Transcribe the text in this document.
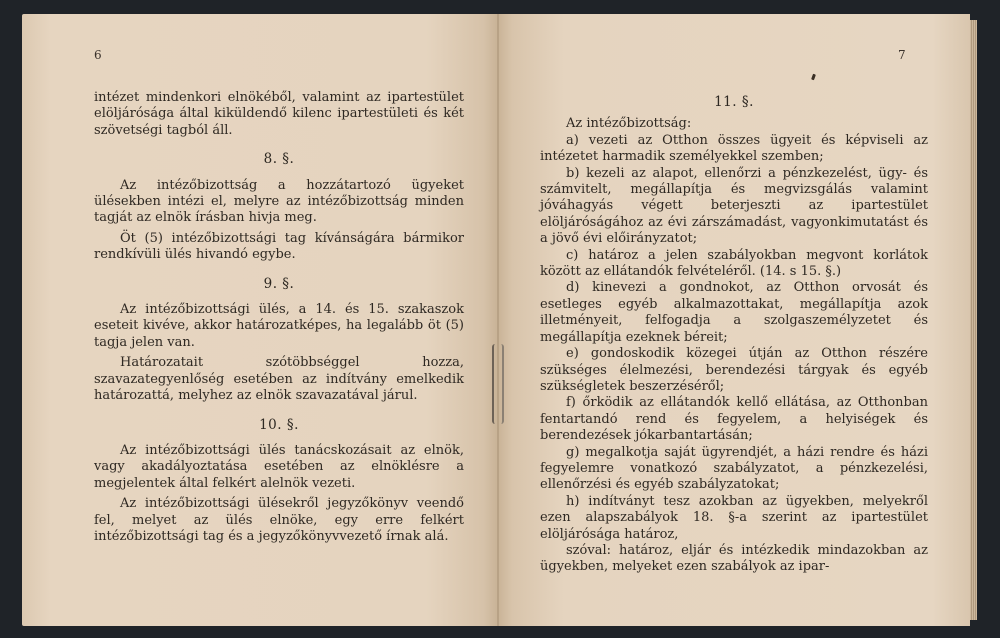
6

intézet mindenkori elnökéből, valamint az ipartestület elöljárósága által kiküldendő kilenc ipartestületi és két szövetségi tagból áll.

8. §.

Az intézőbizottság a hozzátartozó ügyeket ülésekben intézi el, melyre az intézőbizottság minden tagját az elnök írásban hivja meg.

Öt (5) intézőbizottsági tag kívánságára bármikor rendkívüli ülés hivandó egybe.

9. §.

Az intézőbizottsági ülés, a 14. és 15. szakaszok eseteit kivéve, akkor határozatképes, ha legalább öt (5) tagja jelen van.

Határozatait szótöbbséggel hozza, szavazategyenlőség esetében az indítvány emelkedik határozattá, melyhez az elnök szavazatával járul.

10. §.

Az intézőbizottsági ülés tanácskozásait az elnök, vagy akadályoztatása esetében az elnöklésre a megjelentek által felkért alelnök vezeti.

Az intézőbizottsági ülésekről jegyzőkönyv veendő fel, melyet az ülés elnöke, egy erre felkért intézőbizottsági tag és a jegyzőkönyvvezető írnak alá.

7
11. §.

Az intézőbizottság:

a) vezeti az Otthon összes ügyeit és képviseli az intézetet harmadik személyekkel szemben;

b) kezeli az alapot, ellenőrzi a pénzkezelést, ügy- és számvitelt, megállapítja és megvizsgálás valamint jóváhagyás végett beterjeszti az ipartestület elöljáróságához az évi zárszámadást, vagyonkimutatást és a jövő évi előirányzatot;

c) határoz a jelen szabályokban megvont korlátok között az ellátandók felvételéről. (14. s 15. §.)

d) kinevezi a gondnokot, az Otthon orvosát és esetleges egyéb alkalmazottakat, megállapítja azok illetményeit, felfogadja a szolgaszemélyzetet és megállapítja ezeknek béreit;

e) gondoskodik közegei útján az Otthon részére szükséges élelmezési, berendezési tárgyak és egyéb szükségletek beszerzéséről;

f) őrködik az ellátandók kellő ellátása, az Otthonban fentartandó rend és fegyelem, a helyiségek és berendezések jókarbantartásán;

g) megalkotja saját ügyrendjét, a házi rendre és házi fegyelemre vonatkozó szabályzatot, a pénzkezelési, ellenőrzési és egyéb szabályzatokat;

h) indítványt tesz azokban az ügyekben, melyekről ezen alapszabályok 18. §-a szerint az ipartestület elöljárósága határoz,

szóval: határoz, eljár és intézkedik mindazokban az ügyekben, melyeket ezen szabályok az ipar-
